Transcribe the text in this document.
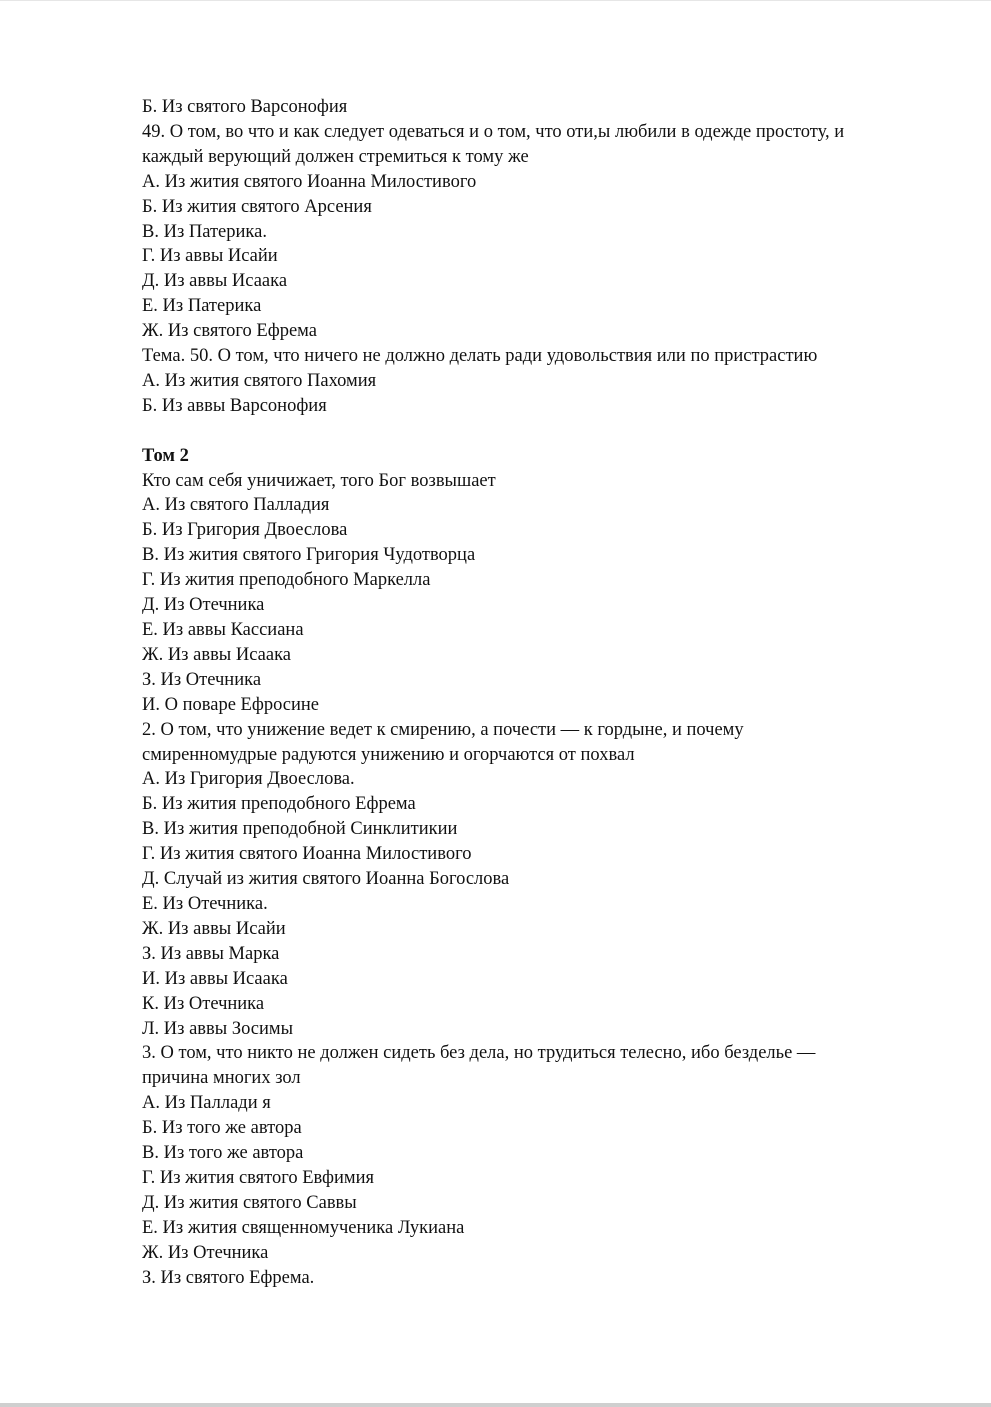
Б. Из святого Варсонофия
49. О том, во что и как следует одеваться и о том, что оти,ы любили в одежде простоту, и
каждый верующий должен стремиться к тому же
А. Из жития святого Иоанна Милостивого
Б. Из жития святого Арсения
В. Из Патерика.
Г. Из аввы Исайи
Д. Из аввы Исаака
Е. Из Патерика
Ж. Из святого Ефрема
Тема. 50. О том, что ничего не должно делать ради удовольствия или по пристрастию
А. Из жития святого Пахомия
Б. Из аввы Варсонофия
Том 2
Кто сам себя уничижает, того Бог возвышает
А. Из святого Палладия
Б. Из Григория Двоеслова
В. Из жития святого Григория Чудотворца
Г. Из жития преподобного Маркелла
Д. Из Отечника
Е. Из аввы Кассиана
Ж. Из аввы Исаака
З. Из Отечника
И. О поваре Ефросине
2. О том, что унижение ведет к смирению, а почести — к гордыне, и почему
смиренномудрые радуются унижению и огорчаются от похвал
А. Из Григория Двоеслова.
Б. Из жития преподобного Ефрема
В. Из жития преподобной Синклитикии
Г. Из жития святого Иоанна Милостивого
Д. Случай из жития святого Иоанна Богослова
Е. Из Отечника.
Ж. Из аввы Исайи
З. Из аввы Марка
И. Из аввы Исаака
К. Из Отечника
Л. Из аввы Зосимы
3. О том, что никто не должен сидеть без дела, но трудиться телесно, ибо безделье —
причина многих зол
А. Из Паллади я
Б. Из того же автора
В. Из того же автора
Г. Из жития святого Евфимия
Д. Из жития святого Саввы
Е. Из жития священномученика Лукиана
Ж. Из Отечника
З. Из святого Ефрема.
